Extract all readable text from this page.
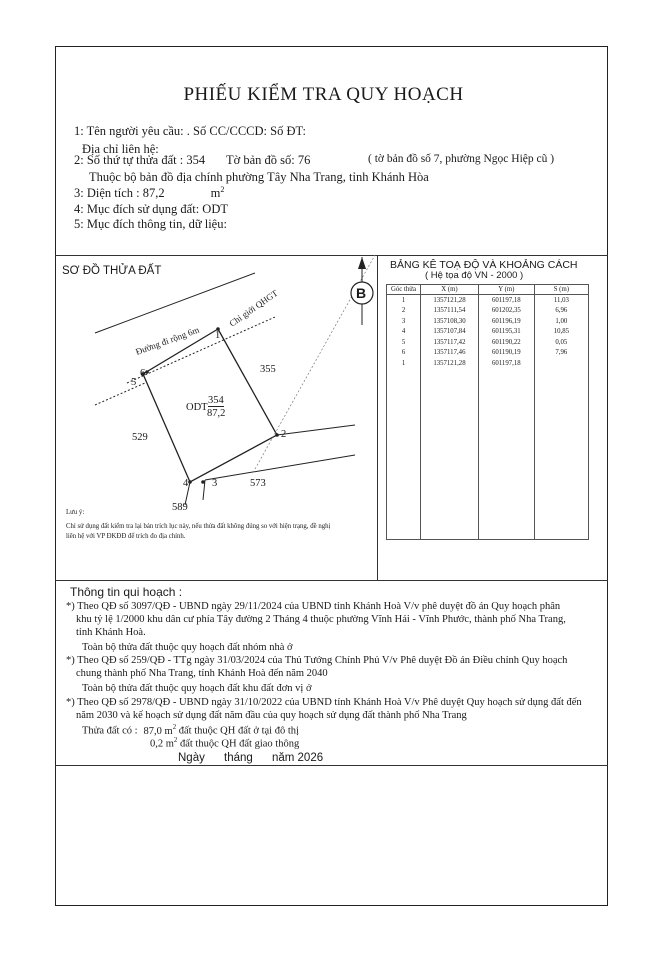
PHIẾU KIỂM TRA QUY HOẠCH
1: Tên người yêu cầu: . Số CC/CCCD: Số ĐT:
Địa chỉ liên hệ:
2: Số thứ tự thửa đất : 354 Tờ bản đồ số: 76	( tờ bản đồ số 7, phường Ngọc Hiệp cũ )
Thuộc bộ bản đồ địa chính phường Tây Nha Trang, tỉnh Khánh Hòa
3: Diện tích : 87,2	$m^2$
4: Mục đích sử dụng đất: ODT
5: Mục đích thông tin, dữ liệu:
SƠ ĐỒ THỬA ĐẤT
Đường đi rộng 6m
Chỉ giới QHGT	B
1
2
3
4
5
6
ODT
354
87,2
355
529
573
589
Lưu ý:
Chỉ sử dụng đất kiểm tra lại bản trích lục này, nếu thửa đất không đúng so với hiện trạng, đề nghị
liên hệ với VP ĐKĐĐ để trích đo địa chính.
BẢNG KÊ TOẠ ĐỘ VÀ KHOẢNG CÁCH
( Hệ tọa độ VN - 2000 )
Góc thửa	X (m)	Y (m)	S (m)
1	1357121,28	601197,18	11,03
2	1357111,54	601202,35	6,96
3	1357108,30	601196,19	1,00
4	1357107,84	601195,31	10,85
5	1357117,42	601190,22	0,05
6	1357117,46	601190,19	7,96
1	1357121,28	601197,18	

Thông tin qui hoạch :
*) Theo QĐ số 3097/QĐ - UBND ngày 29/11/2024 của UBND tỉnh Khánh Hoà V/v phê duyệt đồ án Quy hoạch phân
khu tỷ lệ 1/2000 khu dân cư phía Tây đường 2 Tháng 4 thuộc phường Vĩnh Hải - Vĩnh Phước, thành phố Nha Trang,
tỉnh Khánh Hoà.
Toàn bộ thửa đất thuộc quy hoạch đất nhóm nhà ở
*) Theo QĐ số 259/QĐ - TTg ngày 31/03/2024 của Thủ Tướng Chính Phủ V/v Phê duyệt Đồ án Điều chỉnh Quy hoạch
chung thành phố Nha Trang, tỉnh Khánh Hoà đến năm 2040
Toàn bộ thửa đất thuộc quy hoạch đất khu đất đơn vị ở
*) Theo QĐ số 2978/QĐ - UBND ngày 31/10/2022 của UBND tỉnh Khánh Hoà V/v Phê duyệt Quy hoạch sử dụng đất đến
năm 2030 và kế hoạch sử dụng đất năm đầu của quy hoạch sử dụng đất thành phố Nha Trang
Thửa đất có : 87,0 $m^2$ đất thuộc QH đất ở tại đô thị
0,2 $m^2$ đất thuộc QH đất giao thông
Ngày      tháng      năm 2026
